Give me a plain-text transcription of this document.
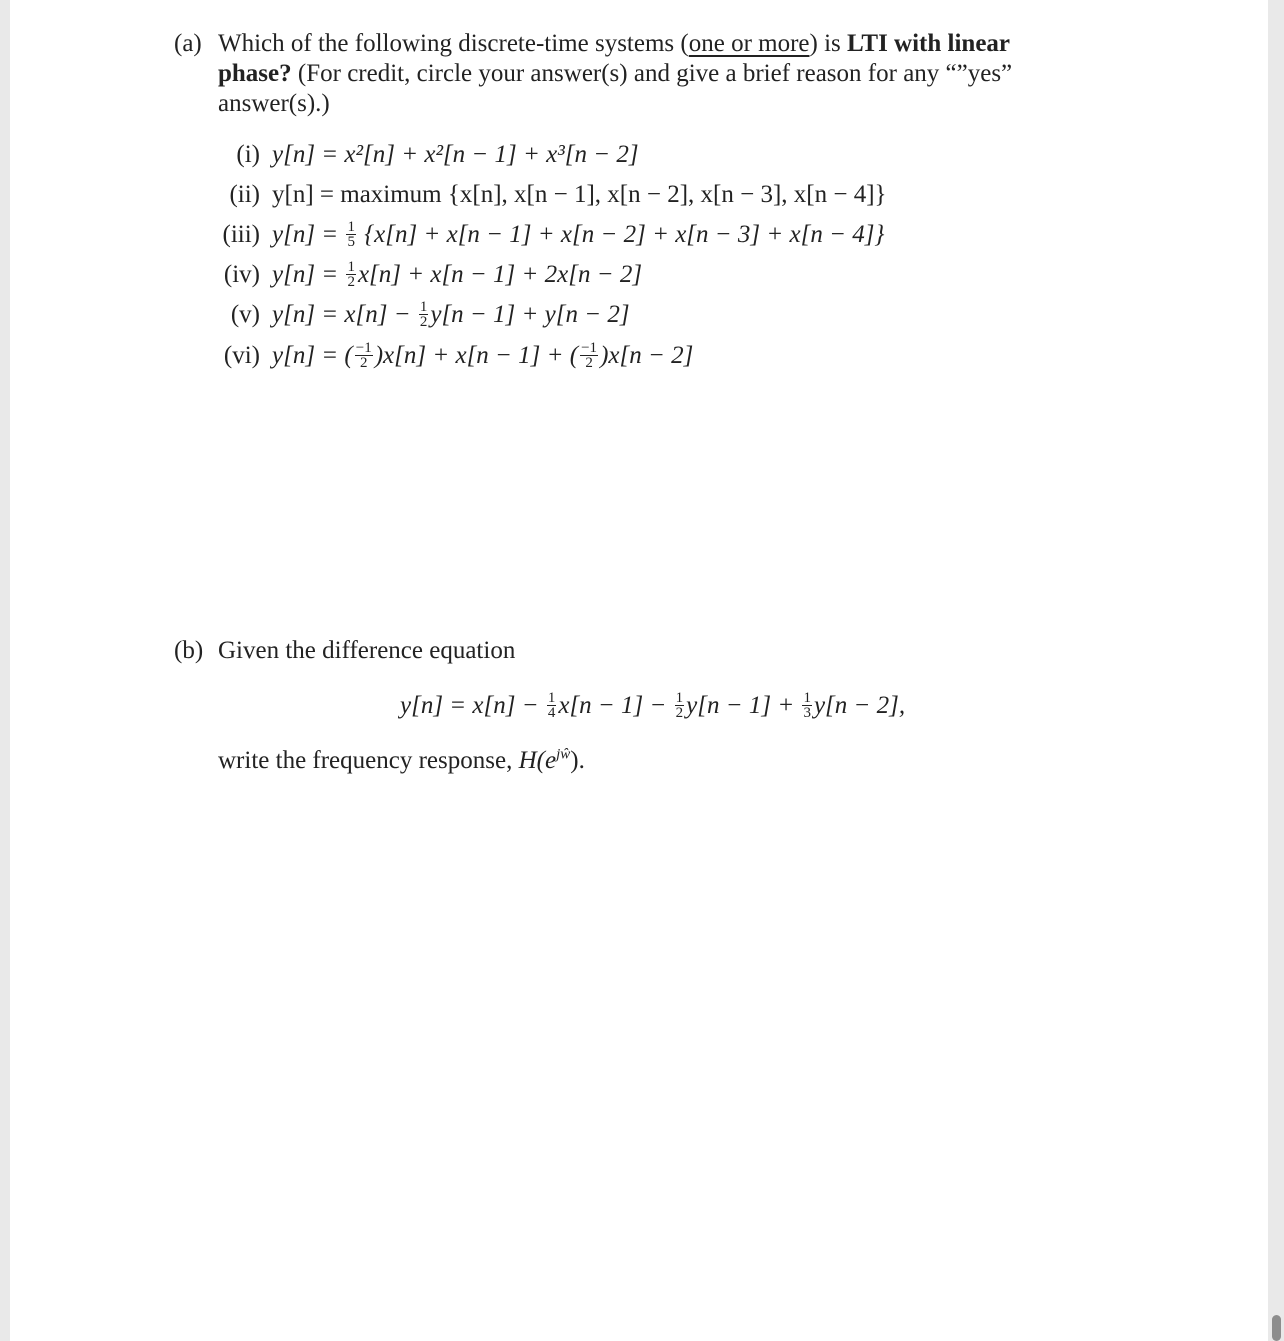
(a) Which of the following discrete-time systems (one or more) is LTI with linear
phase? (For credit, circle your answer(s) and give a brief reason for any “”yes”
answer(s).)
(i) y[n] = x²[n] + x²[n − 1] + x³[n − 2]
(ii) y[n] = maximum {x[n], x[n − 1], x[n − 2], x[n − 3], x[n − 4]}
(iii) $y[n] = \frac{1}{5} \{x[n] + x[n - 1] + x[n - 2] + x[n - 3] + x[n - 4]\}$
(iv) $y[n] = \frac{1}{2} x[n] + x[n - 1] + 2x[n - 2]$
(v) $y[n] = x[n] - \frac{1}{2} y[n - 1] + y[n - 2]$
(vi) y[n] = ( $\frac{-1}{2} )x[n] + x[n - 1]$ + ( $\frac{-1}{2} )x[n - 2]$
(b) Given the difference equation
$y[n] = x[n] - \frac{1}{4} x[n - 1] - \frac{1}{2} y[n - 1] + \frac{1}{3} y[n - 2]$,
write the frequency response, $H(e^{jŵ})$.
